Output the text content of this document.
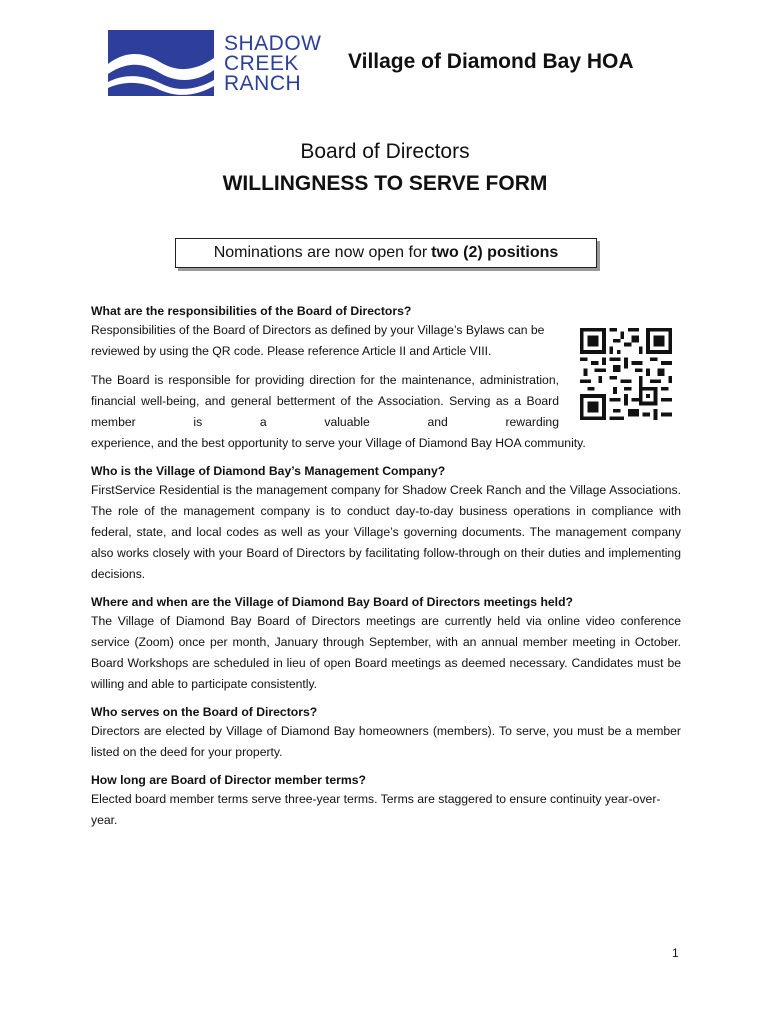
SHADOW
CREEK
RANCH
Village of Diamond Bay HOA
Board of Directors
WILLINGNESS TO SERVE FORM
Nominations are now open for two (2) positions
What are the responsibilities of the Board of Directors?

Responsibilities of the Board of Directors as defined by your Village’s Bylaws can be reviewed by using the QR code. Please reference Article II and Article VIII.

The Board is responsible for providing direction for the maintenance, administration, financial well-being, and general betterment of the Association. Serving as a Board member is a valuable and rewarding

experience, and the best opportunity to serve your Village of Diamond Bay HOA community.

Who is the Village of Diamond Bay’s Management Company?

FirstService Residential is the management company for Shadow Creek Ranch and the Village Associations. The role of the management company is to conduct day-to-day business operations in compliance with federal, state, and local codes as well as your Village’s governing documents. The management company also works closely with your Board of Directors by facilitating follow-through on their duties and implementing decisions.

Where and when are the Village of Diamond Bay Board of Directors meetings held?

The Village of Diamond Bay Board of Directors meetings are currently held via online video conference service (Zoom) once per month, January through September, with an annual member meeting in October. Board Workshops are scheduled in lieu of open Board meetings as deemed necessary. Candidates must be willing and able to participate consistently.

Who serves on the Board of Directors?

Directors are elected by Village of Diamond Bay homeowners (members). To serve, you must be a member listed on the deed for your property.

How long are Board of Director member terms?

Elected board member terms serve three-year terms. Terms are staggered to ensure continuity year-over-year.

1
